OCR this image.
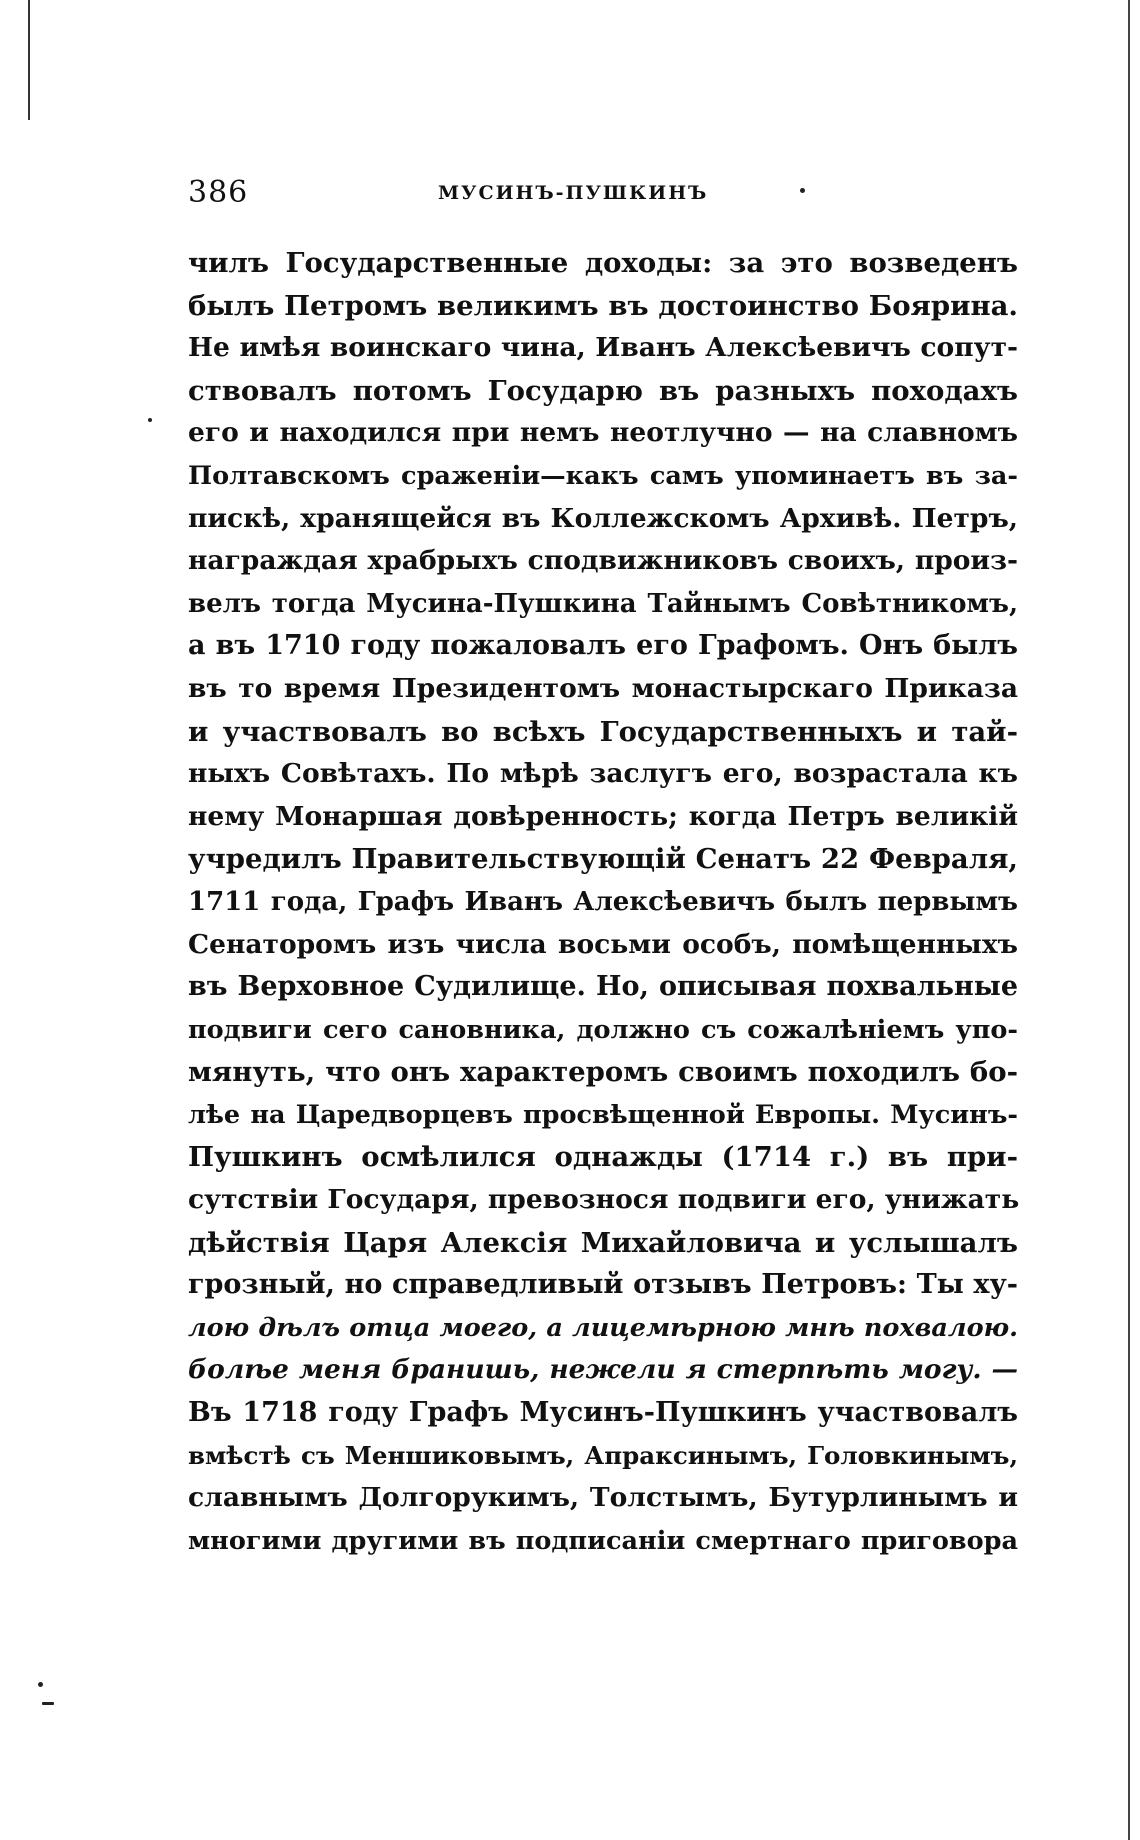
386	МУСИНЪ-ПУШКИНЪ
чилъ Государственные доходы: за это возведенъ
былъ Петромъ великимъ въ достоинство Боярина.
Не имѣя воинскаго чина, Иванъ Алексѣевичъ сопут-
ствовалъ потомъ Государю въ разныхъ походахъ
его и находился при немъ неотлучно — на славномъ
Полтавскомъ сраженіи—какъ самъ упоминаетъ въ за-
пискѣ, хранящейся въ Коллежскомъ Архивѣ. Петръ,
награждая храбрыхъ сподвижниковъ своихъ, произ-
велъ тогда Мусина-Пушкина Тайнымъ Совѣтникомъ,
а въ 1710 году пожаловалъ его Графомъ. Онъ былъ
въ то время Президентомъ монастырскаго Приказа
и участвовалъ во всѣхъ Государственныхъ и тай-
ныхъ Совѣтахъ. По мѣрѣ заслугъ его, возрастала къ
нему Монаршая довѣренность; когда Петръ великій
учредилъ Правительствующій Сенатъ 22 Февраля,
1711 года, Графъ Иванъ Алексѣевичъ былъ первымъ
Сенаторомъ изъ числа восьми особъ, помѣщенныхъ
въ Верховное Судилище. Но, описывая похвальные
подвиги сего сановника, должно съ сожалѣніемъ упо-
мянуть, что онъ характеромъ своимъ походилъ бо-
лѣе на Царедворцевъ просвѣщенной Европы. Мусинъ-
Пушкинъ осмѣлился однажды (1714 г.) въ при-
сутствіи Государя, превознося подвиги его, унижать
дѣйствія Царя Алексія Михайловича и услышалъ
грозный, но справедливый отзывъ Петровъ: Ты ху-
лою дѣлъ отца моего, а лицемѣрною мнѣ похвалою.
болѣе меня бранишь, нежели я стерпѣть могу. —
Въ 1718 году Графъ Мусинъ-Пушкинъ участвовалъ
вмѣстѣ съ Меншиковымъ, Апраксинымъ, Головкинымъ,
славнымъ Долгорукимъ, Толстымъ, Бутурлинымъ и
многими другими въ подписаніи смертнаго приговора
